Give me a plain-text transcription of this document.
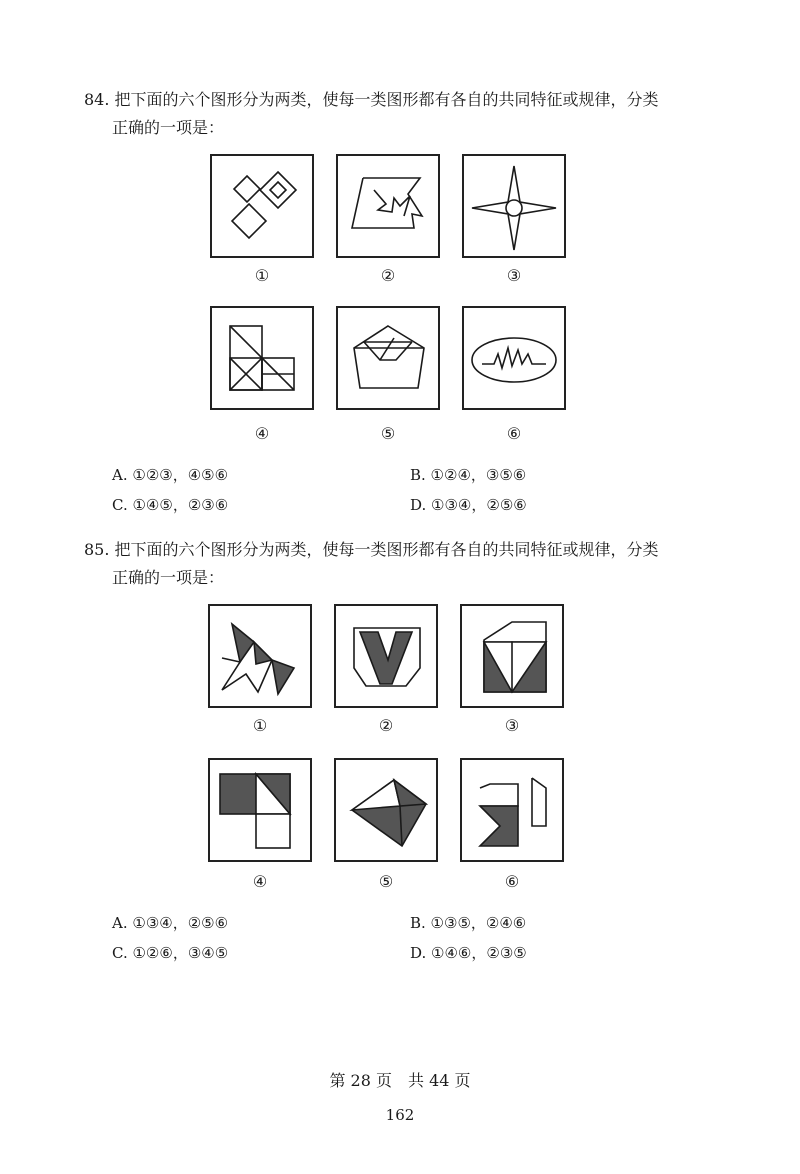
84. 把下面的六个图形分为两类，使每一类图形都有各自的共同特征或规律，分类
正确的一项是：
①	②	③
④	⑤	⑥
A. ①②③，④⑤⑥	B. ①②④，③⑤⑥
C. ①④⑤，②③⑥	D. ①③④，②⑤⑥
85. 把下面的六个图形分为两类，使每一类图形都有各自的共同特征或规律，分类
正确的一项是：
①	②	③
④	⑤	⑥
A. ①③④，②⑤⑥	B. ①③⑤，②④⑥
C. ①②⑥，③④⑤	D. ①④⑥，②③⑤
第 28 页　共 44 页
162
